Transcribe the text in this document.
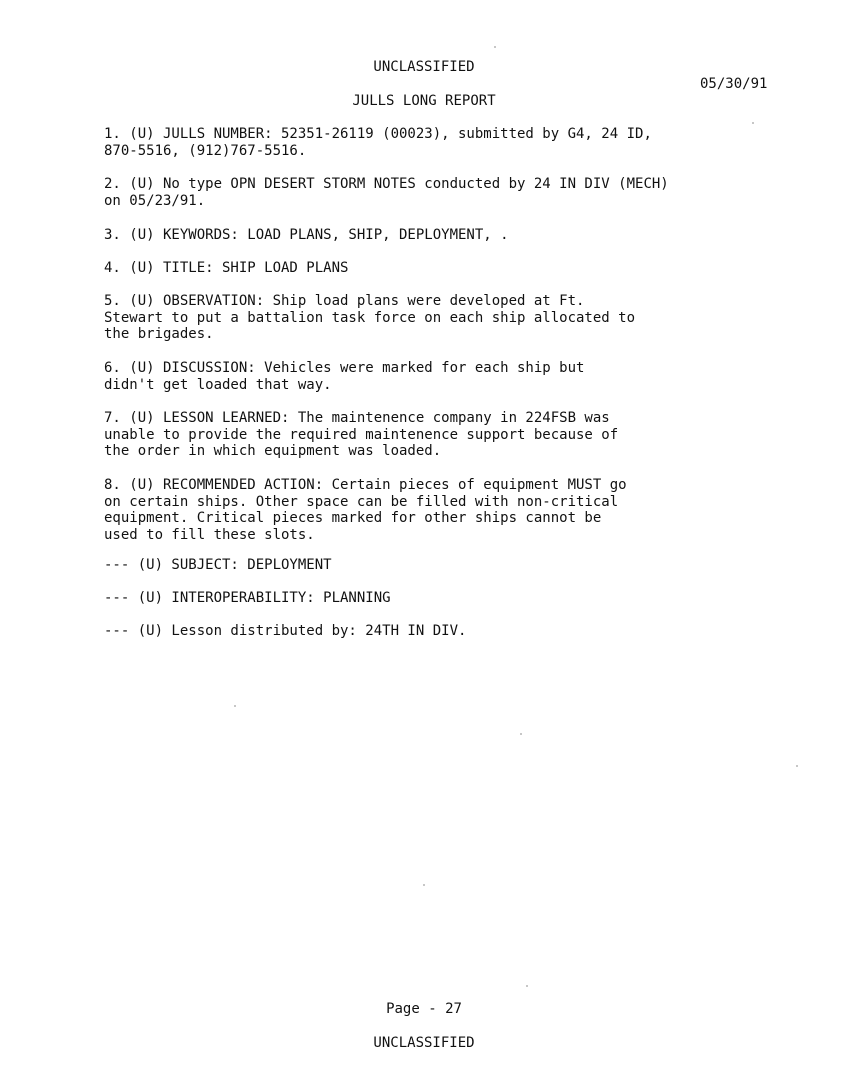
UNCLASSIFIED
05/30/91
JULLS LONG REPORT
1. (U) JULLS NUMBER: 52351-26119 (00023), submitted by G4, 24 ID,
870-5516, (912)767-5516.
2. (U) No type OPN DESERT STORM NOTES conducted by 24 IN DIV (MECH)
on 05/23/91.
3. (U) KEYWORDS: LOAD PLANS, SHIP, DEPLOYMENT, .
4. (U) TITLE: SHIP LOAD PLANS
5. (U) OBSERVATION: Ship load plans were developed at Ft.
Stewart to put a battalion task force on each ship allocated to
the brigades.
6. (U) DISCUSSION: Vehicles were marked for each ship but
didn't get loaded that way.
7. (U) LESSON LEARNED: The maintenence company in 224FSB was
unable to provide the required maintenence support because of
the order in which equipment was loaded.
8. (U) RECOMMENDED ACTION: Certain pieces of equipment MUST go
on certain ships. Other space can be filled with non-critical
equipment. Critical pieces marked for other ships cannot be
used to fill these slots.
--- (U) SUBJECT: DEPLOYMENT
--- (U) INTEROPERABILITY: PLANNING
--- (U) Lesson distributed by: 24TH IN DIV.
Page - 27
UNCLASSIFIED
